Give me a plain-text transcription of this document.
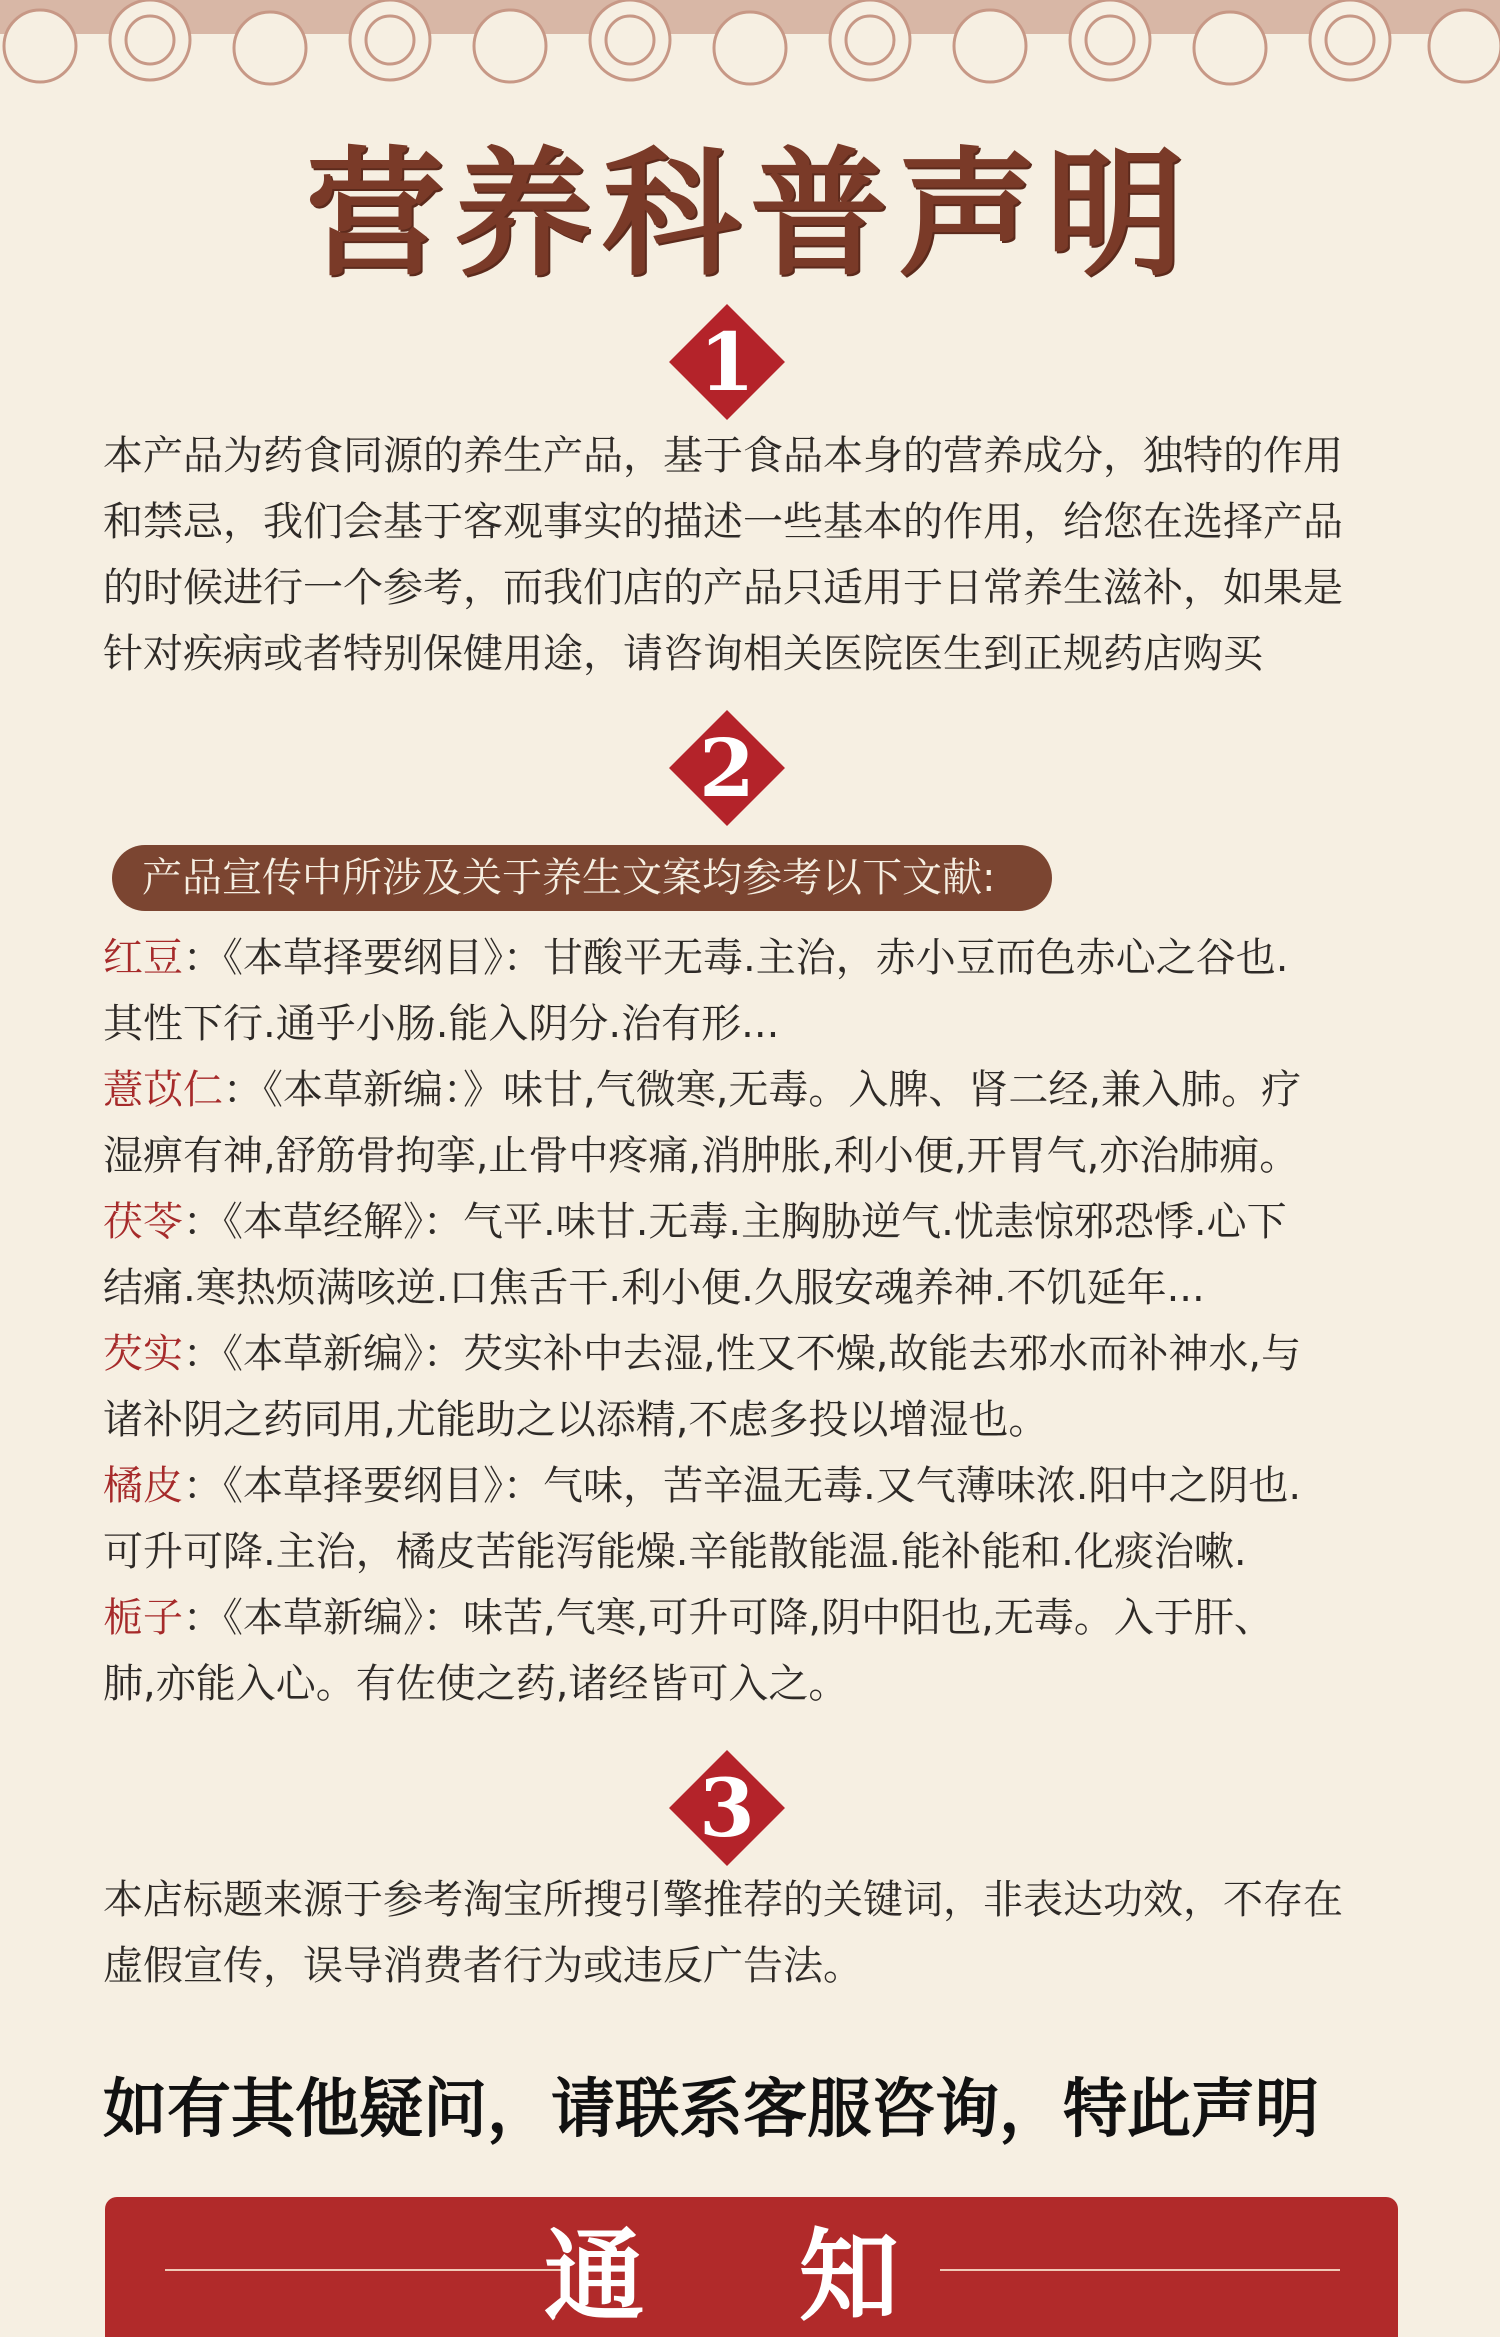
营养科普声明
1
本产品为药食同源的养生产品，基于食品本身的营养成分，独特的作用
和禁忌，我们会基于客观事实的描述一些基本的作用，给您在选择产品
的时候进行一个参考，而我们店的产品只适用于日常养生滋补，如果是
针对疾病或者特别保健用途，请咨询相关医院医生到正规药店购买
2
产品宣传中所涉及关于养生文案均参考以下文献:
红豆：《本草择要纲目》：甘酸平无毒.主治，赤小豆而色赤心之谷也.
其性下行.通乎小肠.能入阴分.治有形...
薏苡仁：《本草新编：》味甘,气微寒,无毒。入脾、肾二经,兼入肺。疗
湿痹有神,舒筋骨拘挛,止骨中疼痛,消肿胀,利小便,开胃气,亦治肺痈。
茯苓：《本草经解》：气平.味甘.无毒.主胸胁逆气.忧恚惊邪恐悸.心下
结痛.寒热烦满咳逆.口焦舌干.利小便.久服安魂养神.不饥延年...
芡实：《本草新编》：芡实补中去湿,性又不燥,故能去邪水而补神水,与
诸补阴之药同用,尤能助之以添精,不虑多投以增湿也。
橘皮：《本草择要纲目》：气味，苦辛温无毒.又气薄味浓.阳中之阴也.
可升可降.主治，橘皮苦能泻能燥.辛能散能温.能补能和.化痰治嗽.
栀子：《本草新编》：味苦,气寒,可升可降,阴中阳也,无毒。入于肝、
肺,亦能入心。有佐使之药,诸经皆可入之。
3
本店标题来源于参考淘宝所搜引擎推荐的关键词，非表达功效，不存在
虚假宣传，误导消费者行为或违反广告法。
如有其他疑问，请联系客服咨询，特此声明
通 知
